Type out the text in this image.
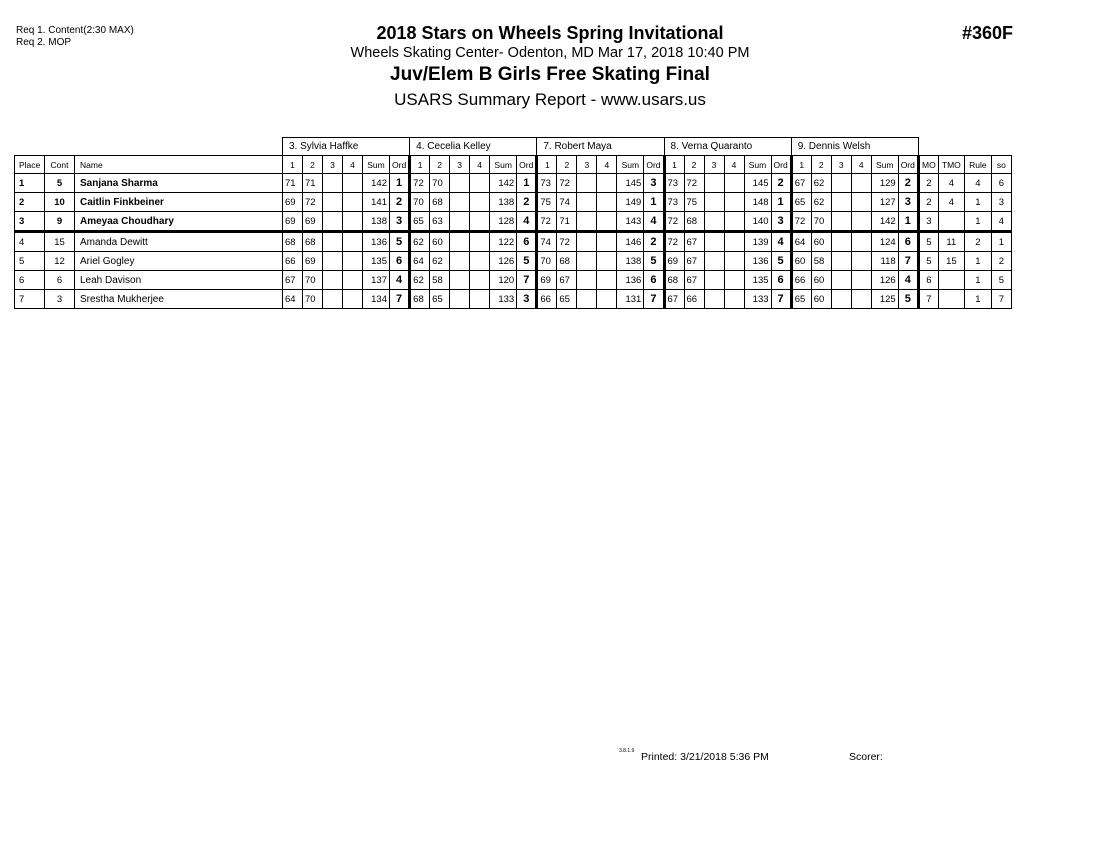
Req 1. Content(2:30 MAX)
Req 2. MOP	2018 Stars on Wheels Spring Invitational
Wheels Skating Center- Odenton, MD Mar 17, 2018 10:40 PM
Juv/Elem B Girls Free Skating Final
USARS Summary Report - www.usars.us
#360F
			3. Sylvia Haffke						4. Cecelia Kelley						7. Robert Maya						8. Verna Quaranto						9. Dennis Welsh									
Place	Cont	Name	1	2	3	4	Sum	Ord	1	2	3	4	Sum	Ord	1	2	3	4	Sum	Ord	1	2	3	4	Sum	Ord	1	2	3	4	Sum	Ord	MO	TMO	Rule	so
1	5	Sanjana Sharma	71	71			142	1	72	70			142	1	73	72			145	3	73	72			145	2	67	62			129	2	2	4	4	6
2	10	Caitlin Finkbeiner	69	72			141	2	70	68			138	2	75	74			149	1	73	75			148	1	65	62			127	3	2	4	1	3
3	9	Ameyaa Choudhary	69	69			138	3	65	63			128	4	72	71			143	4	72	68			140	3	72	70			142	1	3		1	4
4	15	Amanda Dewitt	68	68			136	5	62	60			122	6	74	72			146	2	72	67			139	4	64	60			124	6	5	11	2	1
5	12	Ariel Gogley	66	69			135	6	64	62			126	5	70	68			138	5	69	67			136	5	60	58			118	7	5	15	1	2
6	6	Leah Davison	67	70			137	4	62	58			120	7	69	67			136	6	68	67			135	6	66	60			126	4	6		1	5
7	3	Srestha Mukherjee	64	70			134	7	68	65			133	3	66	65			131	7	67	66			133	7	65	60			125	5	7		1	7
3.8.1.9 Printed: 3/21/2018 5:36 PM	Scorer:
